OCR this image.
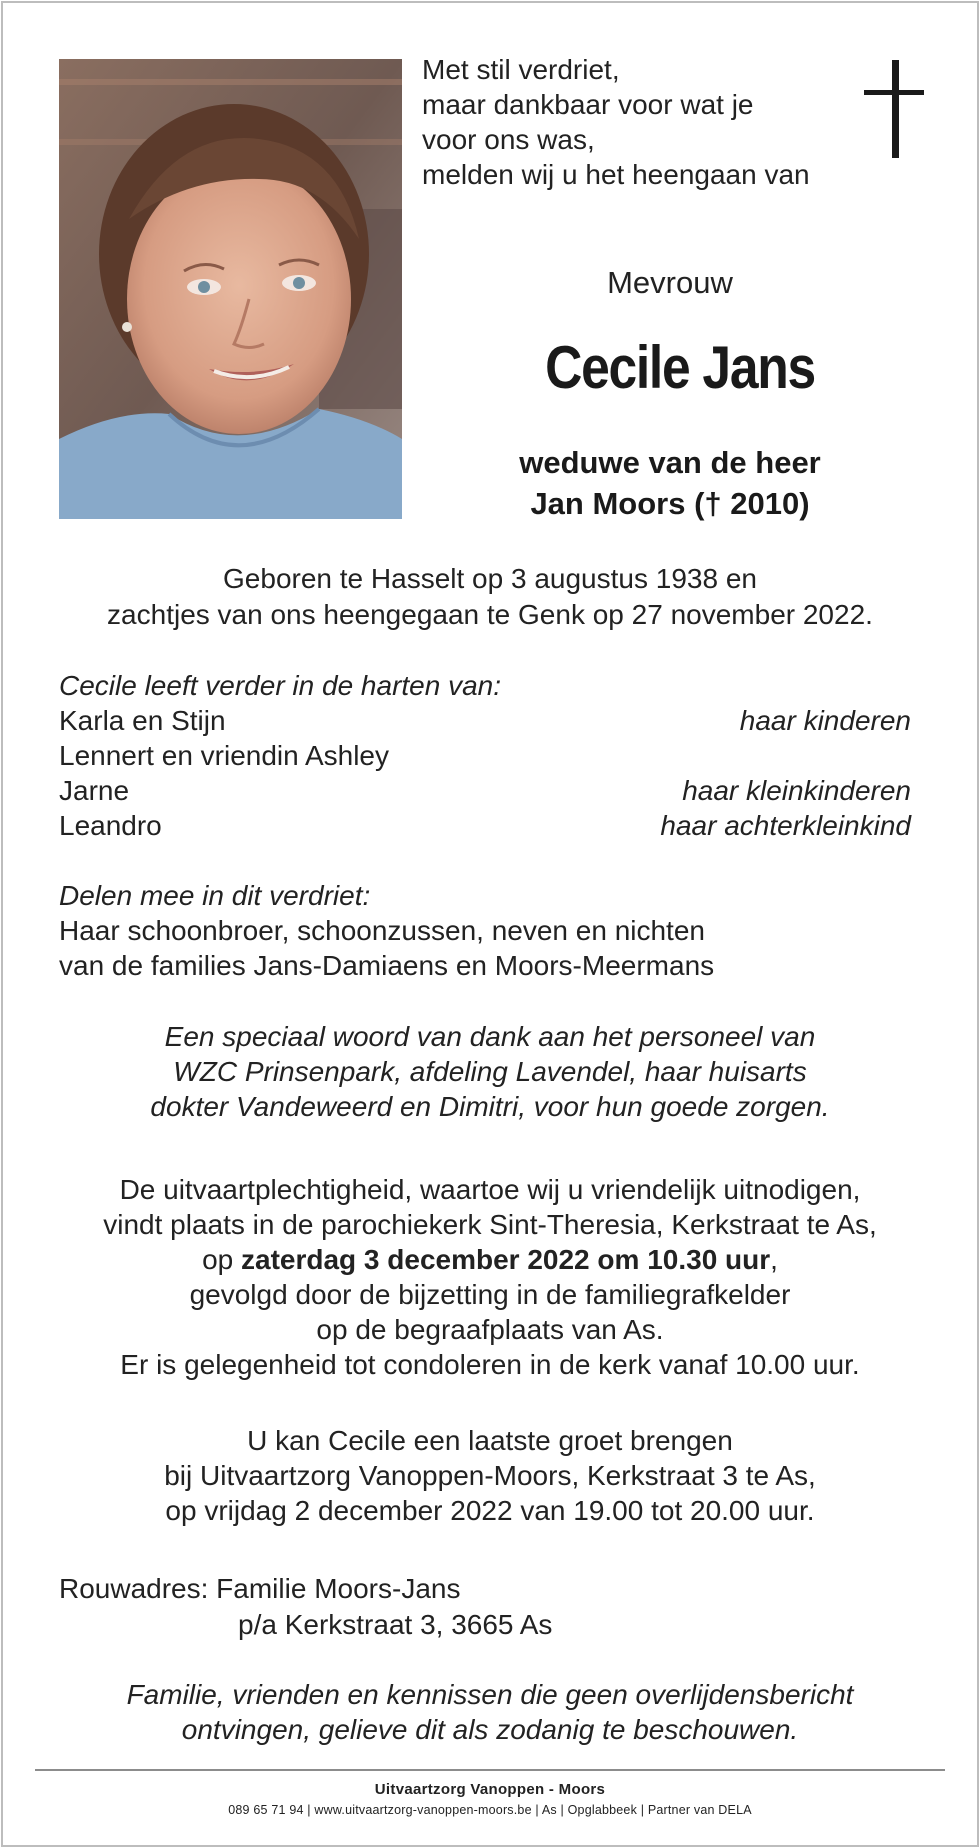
Met stil verdriet,
maar dankbaar voor wat je
voor ons was,
melden wij u het heengaan van
Mevrouw
Cecile Jans
weduwe van de heer
Jan Moors († 2010)
Geboren te Hasselt op 3 augustus 1938 en
zachtjes van ons heengegaan te Genk op 27 november 2022.
Cecile leeft verder in de harten van:
Karla en Stijn	haar kinderen
Lennert en vriendin Ashley
Jarne	haar kleinkinderen
Leandro	haar achterkleinkind
Delen mee in dit verdriet:
Haar schoonbroer, schoonzussen, neven en nichten
van de families Jans-Damiaens en Moors-Meermans
Een speciaal woord van dank aan het personeel van
WZC Prinsenpark, afdeling Lavendel, haar huisarts
dokter Vandeweerd en Dimitri, voor hun goede zorgen.
De uitvaartplechtigheid, waartoe wij u vriendelijk uitnodigen,
vindt plaats in de parochiekerk Sint-Theresia, Kerkstraat te As,
op zaterdag 3 december 2022 om 10.30 uur,
gevolgd door de bijzetting in de familiegrafkelder
op de begraafplaats van As.
Er is gelegenheid tot condoleren in de kerk vanaf 10.00 uur.
U kan Cecile een laatste groet brengen
bij Uitvaartzorg Vanoppen-Moors, Kerkstraat 3 te As,
op vrijdag 2 december 2022 van 19.00 tot 20.00 uur.
Rouwadres: Familie Moors-Jans
p/a Kerkstraat 3, 3665 As
Familie, vrienden en kennissen die geen overlijdensbericht
ontvingen, gelieve dit als zodanig te beschouwen.
Uitvaartzorg Vanoppen - Moors
089 65 71 94 | www.uitvaartzorg-vanoppen-moors.be | As | Opglabbeek | Partner van DELA
